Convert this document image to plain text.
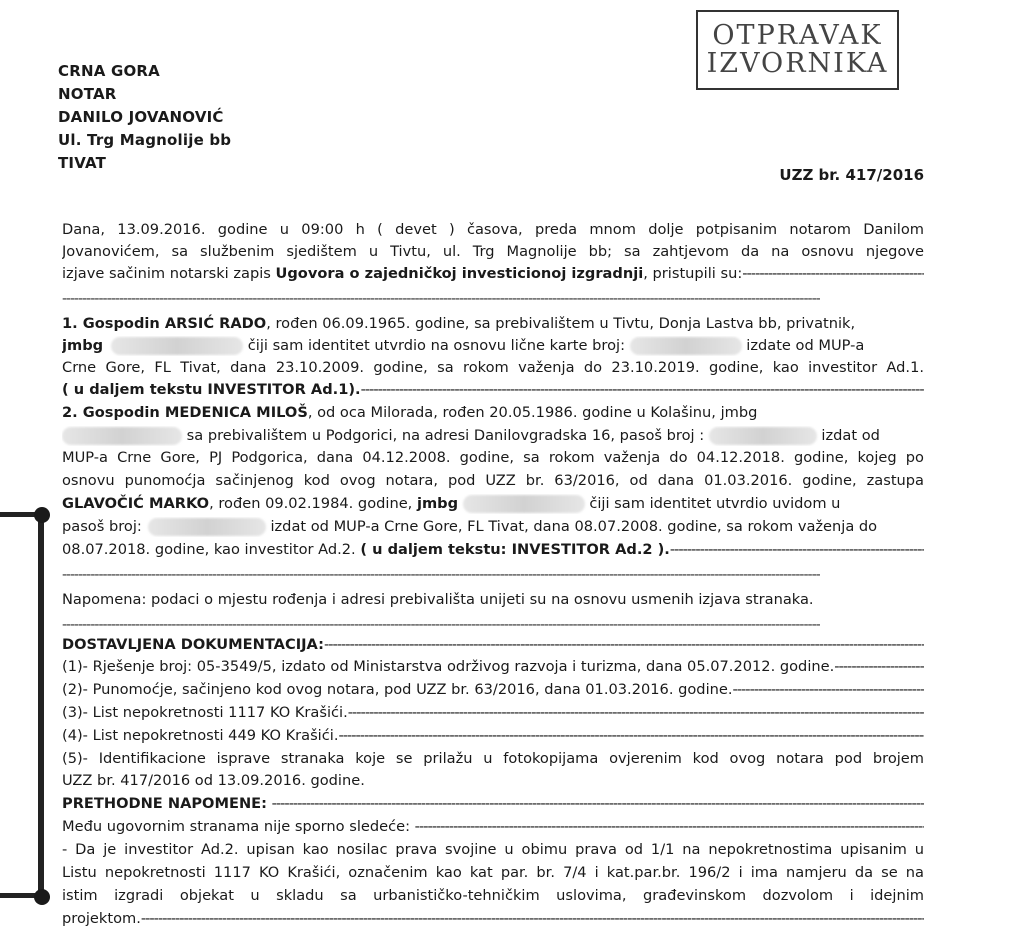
OTPRAVAK
IZVORNIKA
CRNA GORA
NOTAR
DANILO JOVANOVIĆ
Ul. Trg Magnolije bb
TIVAT
UZZ br. 417/2016
Dana, 13.09.2016. godine u 09:00 h ( devet ) časova, preda mnom dolje potpisanim notarom Danilom
Jovanovićem, sa službenim sjedištem u Tivtu, ul. Trg Magnolije bb; sa zahtjevom da na osnovu njegove
izjave sačinim notarski zapis Ugovora o zajedničkoj investicionoj izgradnji, pristupili su: -----
-----
1. Gospodin ARSIĆ RADO, rođen 06.09.1965. godine, sa prebivalištem u Tivtu, Donja Lastva bb, privatnik,
jmbg	čiji sam identitet utvrdio na osnovu lične karte broj:	izdate od MUP-a
Crne Gore, FL Tivat, dana 23.10.2009. godine, sa rokom važenja do 23.10.2019. godine, kao investitor Ad.1.
( u daljem tekstu INVESTITOR Ad.1). -----
2. Gospodin MEDENICA MILOŠ, od oca Milorada, rođen 20.05.1986. godine u Kolašinu, jmbg
sa prebivalištem u Podgorici, na adresi Danilovgradska 16, pasoš broj :	izdat od
MUP-a Crne Gore, PJ Podgorica, dana 04.12.2008. godine, sa rokom važenja do 04.12.2018. godine, kojeg po
osnovu punomoćja sačinjenog kod ovog notara, pod UZZ br. 63/2016, od dana 01.03.2016. godine, zastupa
GLAVOČIĆ MARKO, rođen 09.02.1984. godine, jmbg	čiji sam identitet utvrdio uvidom u
pasoš broj:	izdat od MUP-a Crne Gore, FL Tivat, dana 08.07.2008. godine, sa rokom važenja do
08.07.2018. godine, kao investitor Ad.2. ( u daljem tekstu: INVESTITOR Ad.2 ). -----
-----
Napomena: podaci o mjestu rođenja i adresi prebivališta unijeti su na osnovu usmenih izjava stranaka.
-----
DOSTAVLJENA DOKUMENTACIJA: -----
(1)- Rješenje broj: 05-3549/5, izdato od Ministarstva održivog razvoja i turizma, dana 05.07.2012. godine. -----
(2)- Punomoćje, sačinjeno kod ovog notara, pod UZZ br. 63/2016, dana 01.03.2016. godine. -----
(3)- List nepokretnosti 1117 KO Krašići. -----
(4)- List nepokretnosti 449 KO Krašići. -----
(5)- Identifikacione isprave stranaka koje se prilažu u fotokopijama ovjerenim kod ovog notara pod brojem
UZZ br. 417/2016 od 13.09.2016. godine.
PRETHODNE NAPOMENE: -----
Među ugovornim stranama nije sporno sledeće: -----
- Da je investitor Ad.2. upisan kao nosilac prava svojine u obimu prava od 1/1 na nepokretnostima upisanim u
Listu nepokretnosti 1117 KO Krašići, označenim kao kat par. br. 7/4 i kat.par.br. 196/2 i ima namjeru da se na
istim izgradi objekat u skladu sa urbanističko-tehničkim uslovima, građevinskom dozvolom i idejnim
projektom. -----
